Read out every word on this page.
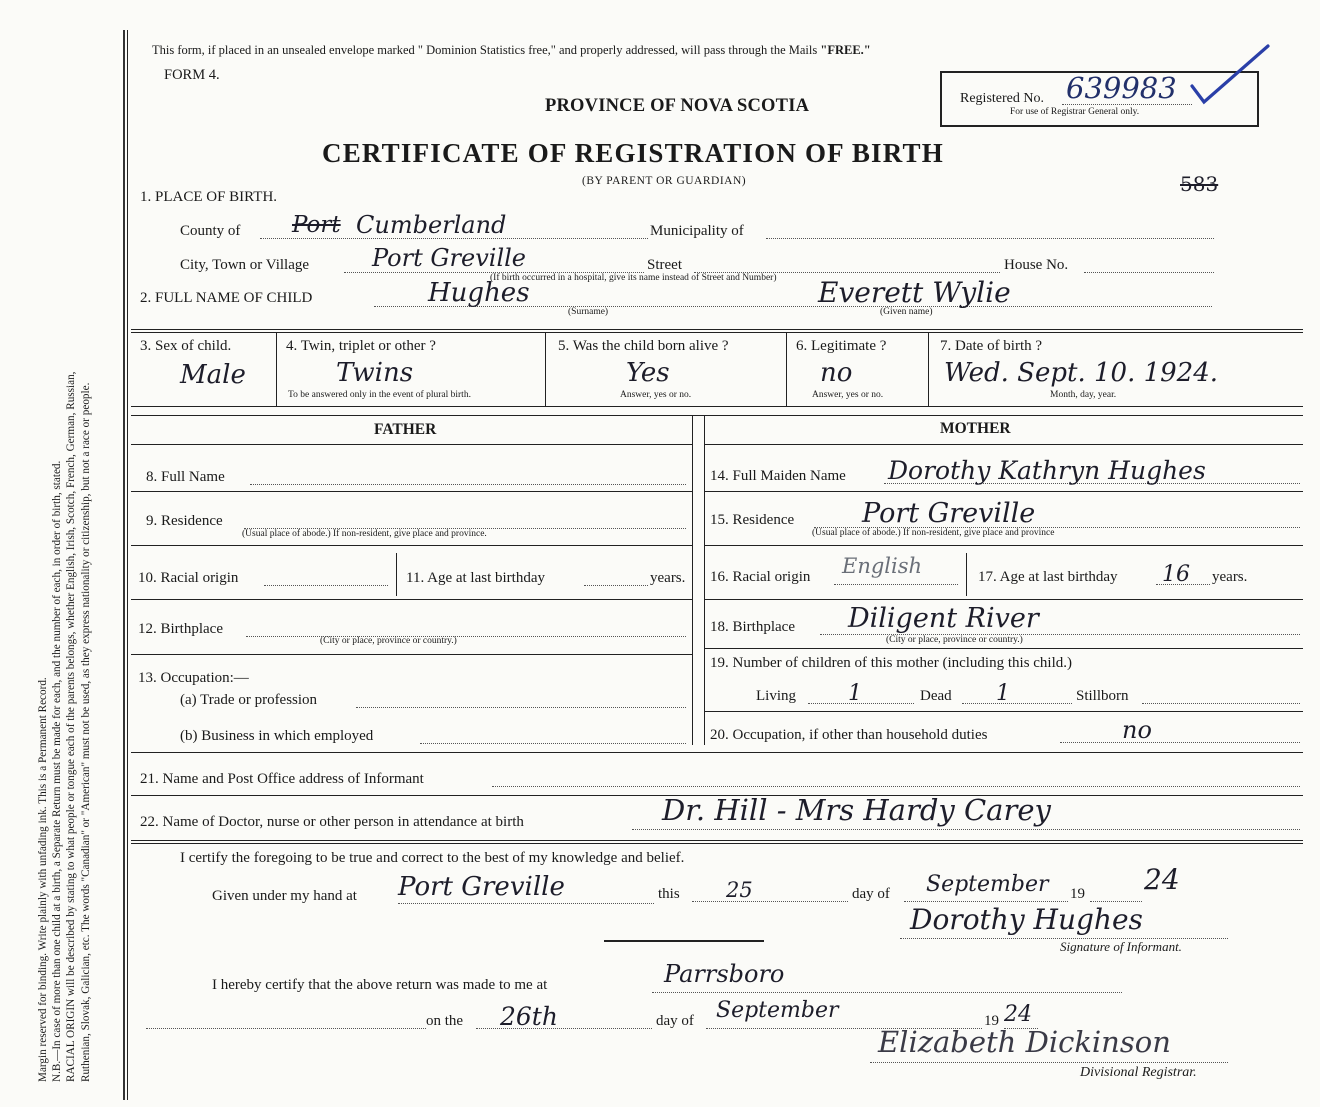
Margin reserved for binding. Write plainly with unfading ink. This is a Permanent Record. N.B.—In case of more than one child at a birth, a Separate Return must be made for each, and the number of each, in order of birth, stated. RACIAL ORIGIN will be described by stating to what people or tongue each of the parents belongs, whether English, Irish, Scotch, French, German, Russian, Ruthenian, Slovak, Galician, etc. The words "Canadian" or "American" must not be used, as they express nationality or citizenship, but not a race or people.
This form, if placed in an unsealed envelope marked " Dominion Statistics free," and properly addressed, will pass through the Mails "FREE."
FORM 4.
PROVINCE OF NOVA SCOTIA
CERTIFICATE OF REGISTRATION OF BIRTH
(BY PARENT OR GUARDIAN)
Registered No. 639983
For use of Registrar General only.
583
1. PLACE OF BIRTH.
County of Port Cumberland	Municipality of
City, Town or Village	Port Greville	Street	House No.
(If birth occurred in a hospital, give its name instead of Street and Number)
2. FULL NAME OF CHILD	Hughes
(Surname)
Everett Wylie
(Given name)
3. Sex of child.
Male
4. Twin, triplet or other ?
Twins
To be answered only in the event of plural birth.
5. Was the child born alive ?
Yes
Answer, yes or no.
6. Legitimate ?
no
Answer, yes or no.
7. Date of birth ?
Wed. Sept. 10. 1924.
Month, day, year.
FATHER	MOTHER
8. Full Name
9. Residence
(Usual place of abode.) If non-resident, give place and province.
10. Racial origin	11. Age at last birthday	years.
12. Birthplace
(City or place, province or country.)
13. Occupation:—
(a) Trade or profession
(b) Business in which employed
14. Full Maiden Name Dorothy Kathryn Hughes
15. Residence	Port Greville
(Usual place of abode.) If non-resident, give place and province
16. Racial origin English	17. Age at last birthday 16 years.
18. Birthplace Diligent River
(City or place, province or country.)
19. Number of children of this mother (including this child.)
Living 1	Dead 1	Stillborn
20. Occupation, if other than household duties	no
21. Name and Post Office address of Informant
22. Name of Doctor, nurse or other person in attendance at birth	Dr. Hill - Mrs Hardy Carey
I certify the foregoing to be true and correct to the best of my knowledge and belief.
Given under my hand at Port Greville	this 25	day of September 19 24
Dorothy Hughes
Signature of Informant.
I hereby certify that the above return was made to me at	Parrsboro
on the 26th	day of September	19 24
Elizabeth Dickinson
Divisional Registrar.
